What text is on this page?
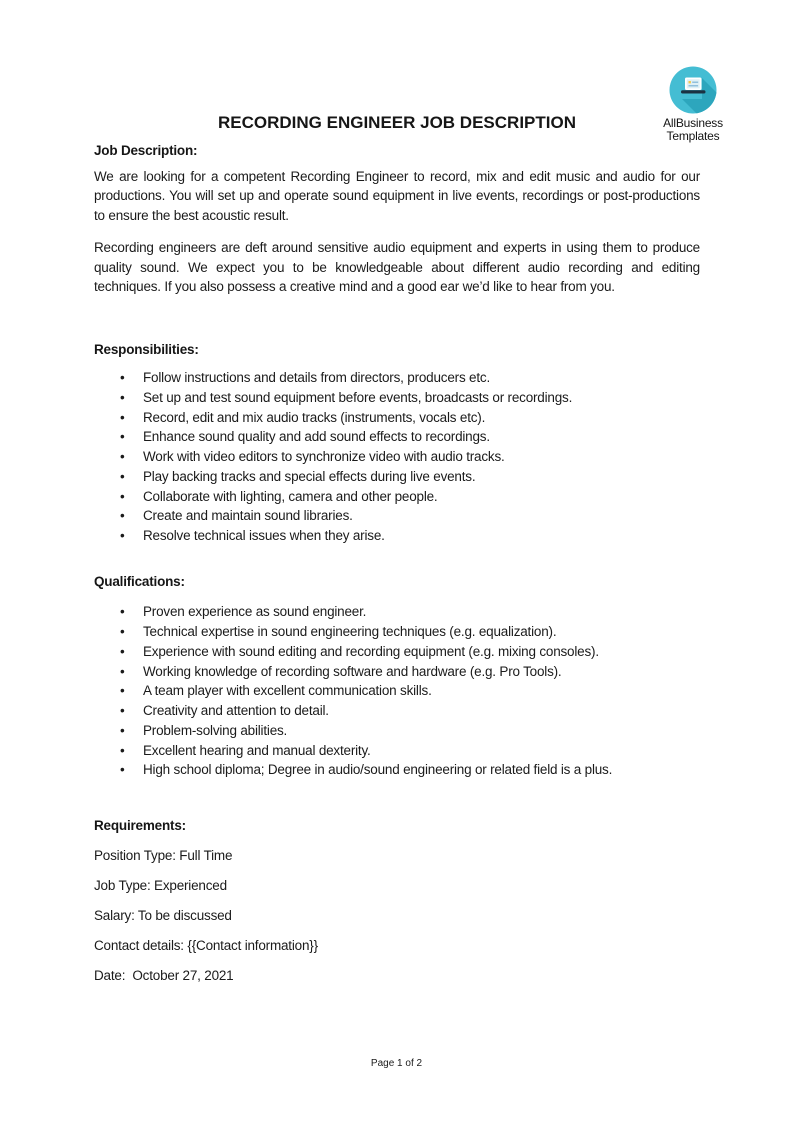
AllBusiness
Templates
RECORDING ENGINEER JOB DESCRIPTION
Job Description:

We are looking for a competent Recording Engineer to record, mix and edit music and audio for our productions. You will set up and operate sound equipment in live events, recordings or post-productions to ensure the best acoustic result.

Recording engineers are deft around sensitive audio equipment and experts in using them to produce quality sound. We expect you to be knowledgeable about different audio recording and editing techniques. If you also possess a creative mind and a good ear we’d like to hear from you.

Responsibilities:
• Follow instructions and details from directors, producers etc.
• Set up and test sound equipment before events, broadcasts or recordings.
• Record, edit and mix audio tracks (instruments, vocals etc).
• Enhance sound quality and add sound effects to recordings.
• Work with video editors to synchronize video with audio tracks.
• Play backing tracks and special effects during live events.
• Collaborate with lighting, camera and other people.
• Create and maintain sound libraries.
• Resolve technical issues when they arise.
Qualifications:
• Proven experience as sound engineer.
• Technical expertise in sound engineering techniques (e.g. equalization).
• Experience with sound editing and recording equipment (e.g. mixing consoles).
• Working knowledge of recording software and hardware (e.g. Pro Tools).
• A team player with excellent communication skills.
• Creativity and attention to detail.
• Problem-solving abilities.
• Excellent hearing and manual dexterity.
• High school diploma; Degree in audio/sound engineering or related field is a plus.
Requirements:

Position Type: Full Time

Job Type: Experienced

Salary: To be discussed

Contact details: {{Contact information}}

Date:  October 27, 2021

Page 1 of 2
